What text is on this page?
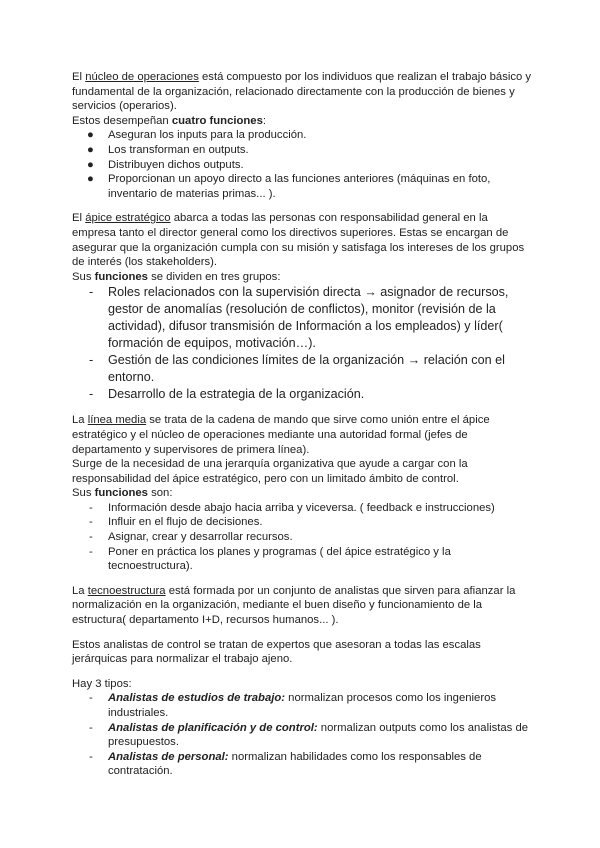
El núcleo de operaciones está compuesto por los individuos que realizan el trabajo básico y fundamental de la organización, relacionado directamente con la producción de bienes y servicios (operarios).

Estos desempeñan cuatro funciones:

● Aseguran los inputs para la producción.
● Los transforman en outputs.
● Distribuyen dichos outputs.
● Proporcionan un apoyo directo a las funciones anteriores (máquinas en foto, inventario de materias primas... ).

El ápice estratégico abarca a todas las personas con responsabilidad general en la empresa tanto el director general como los directivos superiores. Estas se encargan de asegurar que la organización cumpla con su misión y satisfaga los intereses de los grupos de interés (los stakeholders).

Sus funciones se dividen en tres grupos:

- Roles relacionados con la supervisión directa → asignador de recursos, gestor de anomalías (resolución de conflictos), monitor (revisión de la actividad), difusor transmisión de Información a los empleados) y líder( formación de equipos, motivación…).
- Gestión de las condiciones límites de la organización → relación con el entorno.
- Desarrollo de la estrategia de la organización.

La línea media se trata de la cadena de mando que sirve como unión entre el ápice estratégico y el núcleo de operaciones mediante una autoridad formal (jefes de departamento y supervisores de primera línea).

Surge de la necesidad de una jerarquía organizativa que ayude a cargar con la responsabilidad del ápice estratégico, pero con un limitado ámbito de control.

Sus funciones son:

- Información desde abajo hacia arriba y viceversa. ( feedback e instrucciones)
- Influir en el flujo de decisiones.
- Asignar, crear y desarrollar recursos.
- Poner en práctica los planes y programas ( del ápice estratégico y la tecnoestructura).

La tecnoestructura está formada por un conjunto de analistas que sirven para afianzar la normalización en la organización, mediante el buen diseño y funcionamiento de la estructura( departamento I+D, recursos humanos... ).

Estos analistas de control se tratan de expertos que asesoran a todas las escalas jerárquicas para normalizar el trabajo ajeno.

Hay 3 tipos:

- Analistas de estudios de trabajo: normalizan procesos como los ingenieros industriales.
- Analistas de planificación y de control: normalizan outputs como los analistas de presupuestos.
- Analistas de personal: normalizan habilidades como los responsables de contratación.
